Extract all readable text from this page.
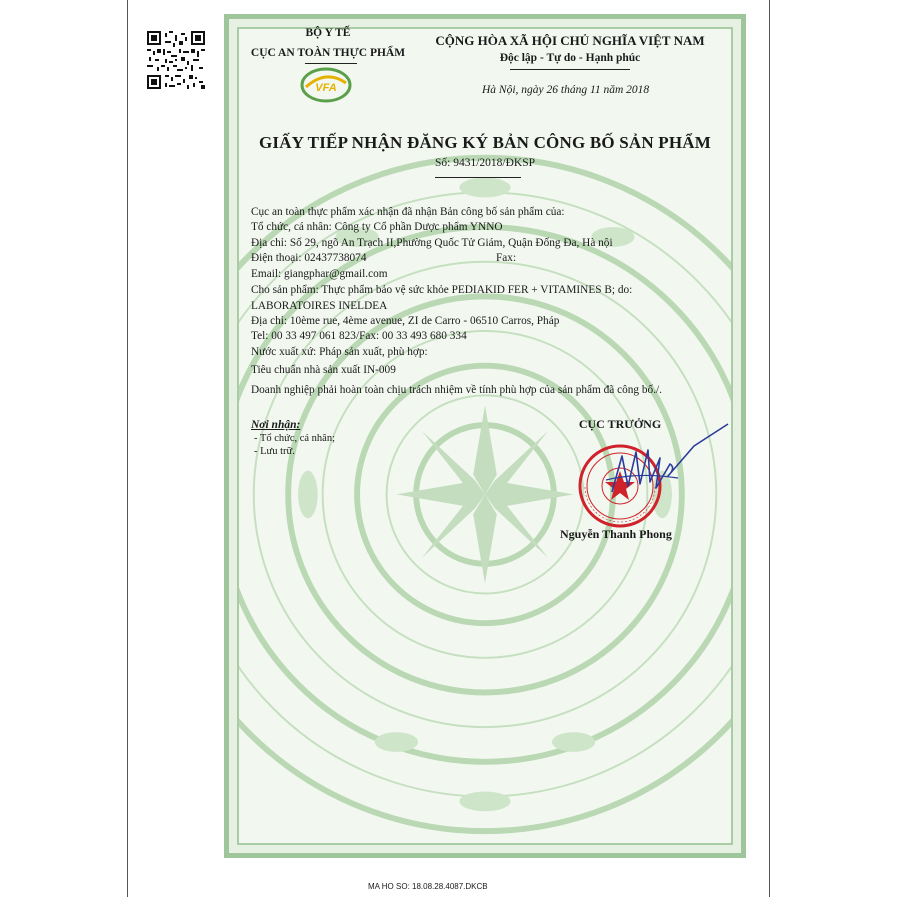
VFA
BỘ Y TẾ
CỤC AN TOÀN THỰC PHẨM
CỘNG HÒA XÃ HỘI CHỦ NGHĨA VIỆT NAM
Độc lập - Tự do - Hạnh phúc
Hà Nội, ngày 26 tháng 11 năm 2018
GIẤY TIẾP NHẬN ĐĂNG KÝ BẢN CÔNG BỐ SẢN PHẨM
Số: 9431/2018/ĐKSP
Cục an toàn thực phẩm xác nhận đã nhận Bản công bố sản phẩm của:
Tổ chức, cá nhân: Công ty Cổ phần Dược phẩm YNNO
Địa chỉ: Số 29, ngõ An Trạch II,Phường Quốc Tử Giám, Quận Đống Đa, Hà nội
Điện thoại: 02437738074	Fax:
Email: giangphar@gmail.com
Cho sản phẩm: Thực phẩm bảo vệ sức khỏe PEDIAKID FER + VITAMINES B; do:
LABORATOIRES INELDEA
Địa chỉ: 10ème rue, 4ème avenue, ZI de Carro - 06510 Carros, Pháp
Tel: 00 33 497 061 823/Fax: 00 33 493 680 334
Nước xuất xứ: Pháp sản xuất, phù hợp:
Tiêu chuẩn nhà sản xuất IN-009
Doanh nghiệp phải hoàn toàn chịu trách nhiệm về tính phù hợp của sản phẩm đã công bố./.
Nơi nhận:
- Tổ chức, cá nhân;
- Lưu trữ.
CỤC TRƯỞNG
Nguyễn Thanh Phong
MA HO SO: 18.08.28.4087.DKCB
